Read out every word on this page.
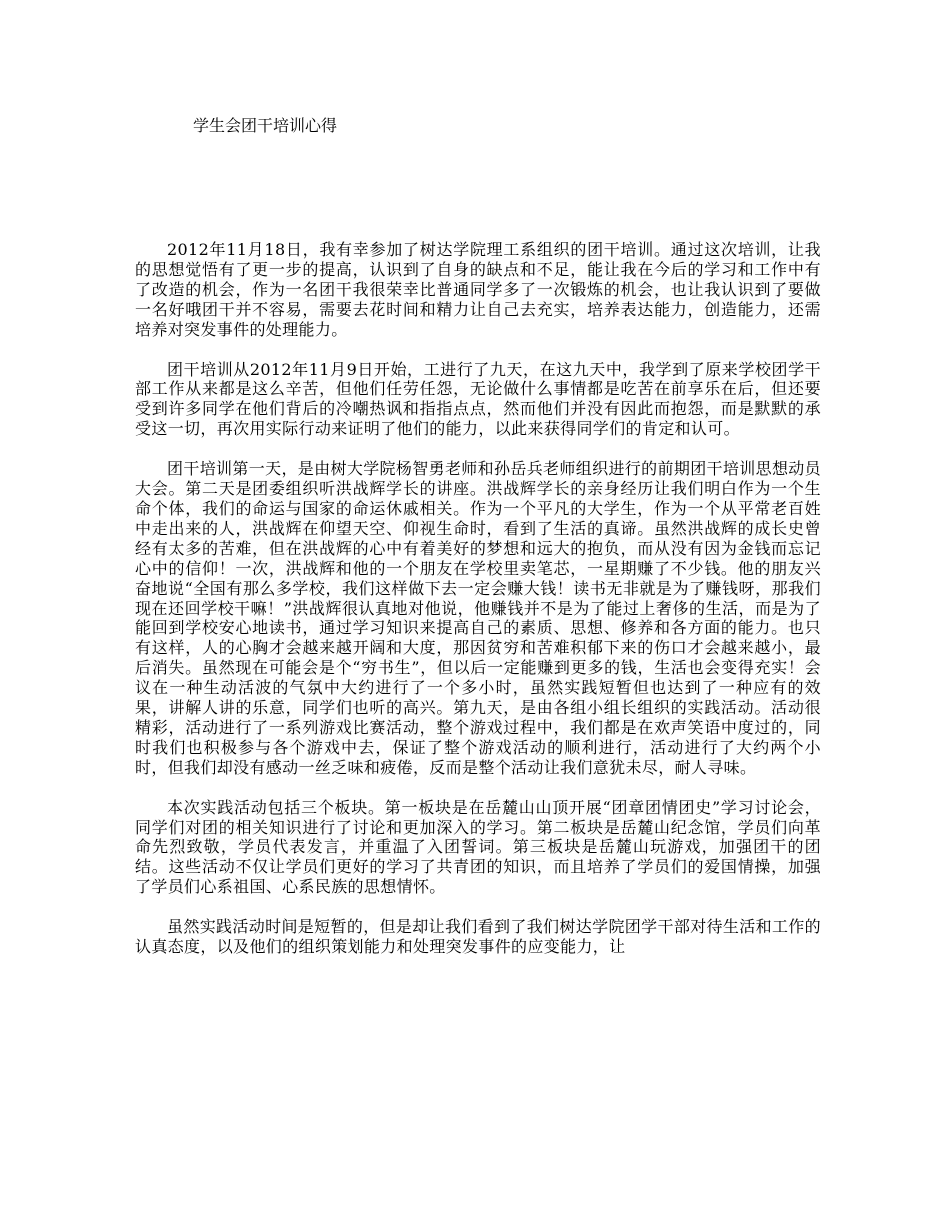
学生会团干培训心得

2012年11月18日，我有幸参加了树达学院理工系组织的团干培训。通过这次培训，让我的思想觉悟有了更一步的提高，认识到了自身的缺点和不足，能让我在今后的学习和工作中有了改造的机会，作为一名团干我很荣幸比普通同学多了一次锻炼的机会，也让我认识到了要做一名好哦团干并不容易，需要去花时间和精力让自己去充实，培养表达能力，创造能力，还需培养对突发事件的处理能力。

团干培训从2012年11月9日开始，工进行了九天，在这九天中，我学到了原来学校团学干部工作从来都是这么辛苦，但他们任劳任怨，无论做什么事情都是吃苦在前享乐在后，但还要受到许多同学在他们背后的冷嘲热讽和指指点点，然而他们并没有因此而抱怨，而是默默的承受这一切，再次用实际行动来证明了他们的能力，以此来获得同学们的肯定和认可。

团干培训第一天，是由树大学院杨智勇老师和孙岳兵老师组织进行的前期团干培训思想动员大会。第二天是团委组织听洪战辉学长的讲座。洪战辉学长的亲身经历让我们明白作为一个生命个体，我们的命运与国家的命运休戚相关。作为一个平凡的大学生，作为一个从平常老百姓中走出来的人，洪战辉在仰望天空、仰视生命时，看到了生活的真谛。虽然洪战辉的成长史曾经有太多的苦难，但在洪战辉的心中有着美好的梦想和远大的抱负，而从没有因为金钱而忘记心中的信仰！一次，洪战辉和他的一个朋友在学校里卖笔芯，一星期赚了不少钱。他的朋友兴奋地说“全国有那么多学校，我们这样做下去一定会赚大钱！读书无非就是为了赚钱呀，那我们现在还回学校干嘛！”洪战辉很认真地对他说，他赚钱并不是为了能过上奢侈的生活，而是为了能回到学校安心地读书，通过学习知识来提高自己的素质、思想、修养和各方面的能力。也只有这样，人的心胸才会越来越开阔和大度，那因贫穷和苦难积郁下来的伤口才会越来越小，最后消失。虽然现在可能会是个“穷书生”，但以后一定能赚到更多的钱，生活也会变得充实！会议在一种生动活波的气氛中大约进行了一个多小时，虽然实践短暂但也达到了一种应有的效果，讲解人讲的乐意，同学们也听的高兴。第九天，是由各组小组长组织的实践活动。活动很精彩，活动进行了一系列游戏比赛活动，整个游戏过程中，我们都是在欢声笑语中度过的，同时我们也积极参与各个游戏中去，保证了整个游戏活动的顺利进行，活动进行了大约两个小时，但我们却没有感动一丝乏味和疲倦，反而是整个活动让我们意犹未尽，耐人寻味。

本次实践活动包括三个板块。第一板块是在岳麓山山顶开展“团章团情团史”学习讨论会，同学们对团的相关知识进行了讨论和更加深入的学习。第二板块是岳麓山纪念馆，学员们向革命先烈致敬，学员代表发言，并重温了入团誓词。第三板块是岳麓山玩游戏，加强团干的团结。这些活动不仅让学员们更好的学习了共青团的知识，而且培养了学员们的爱国情操，加强了学员们心系祖国、心系民族的思想情怀。

虽然实践活动时间是短暂的，但是却让我们看到了我们树达学院团学干部对待生活和工作的认真态度，以及他们的组织策划能力和处理突发事件的应变能力，让
